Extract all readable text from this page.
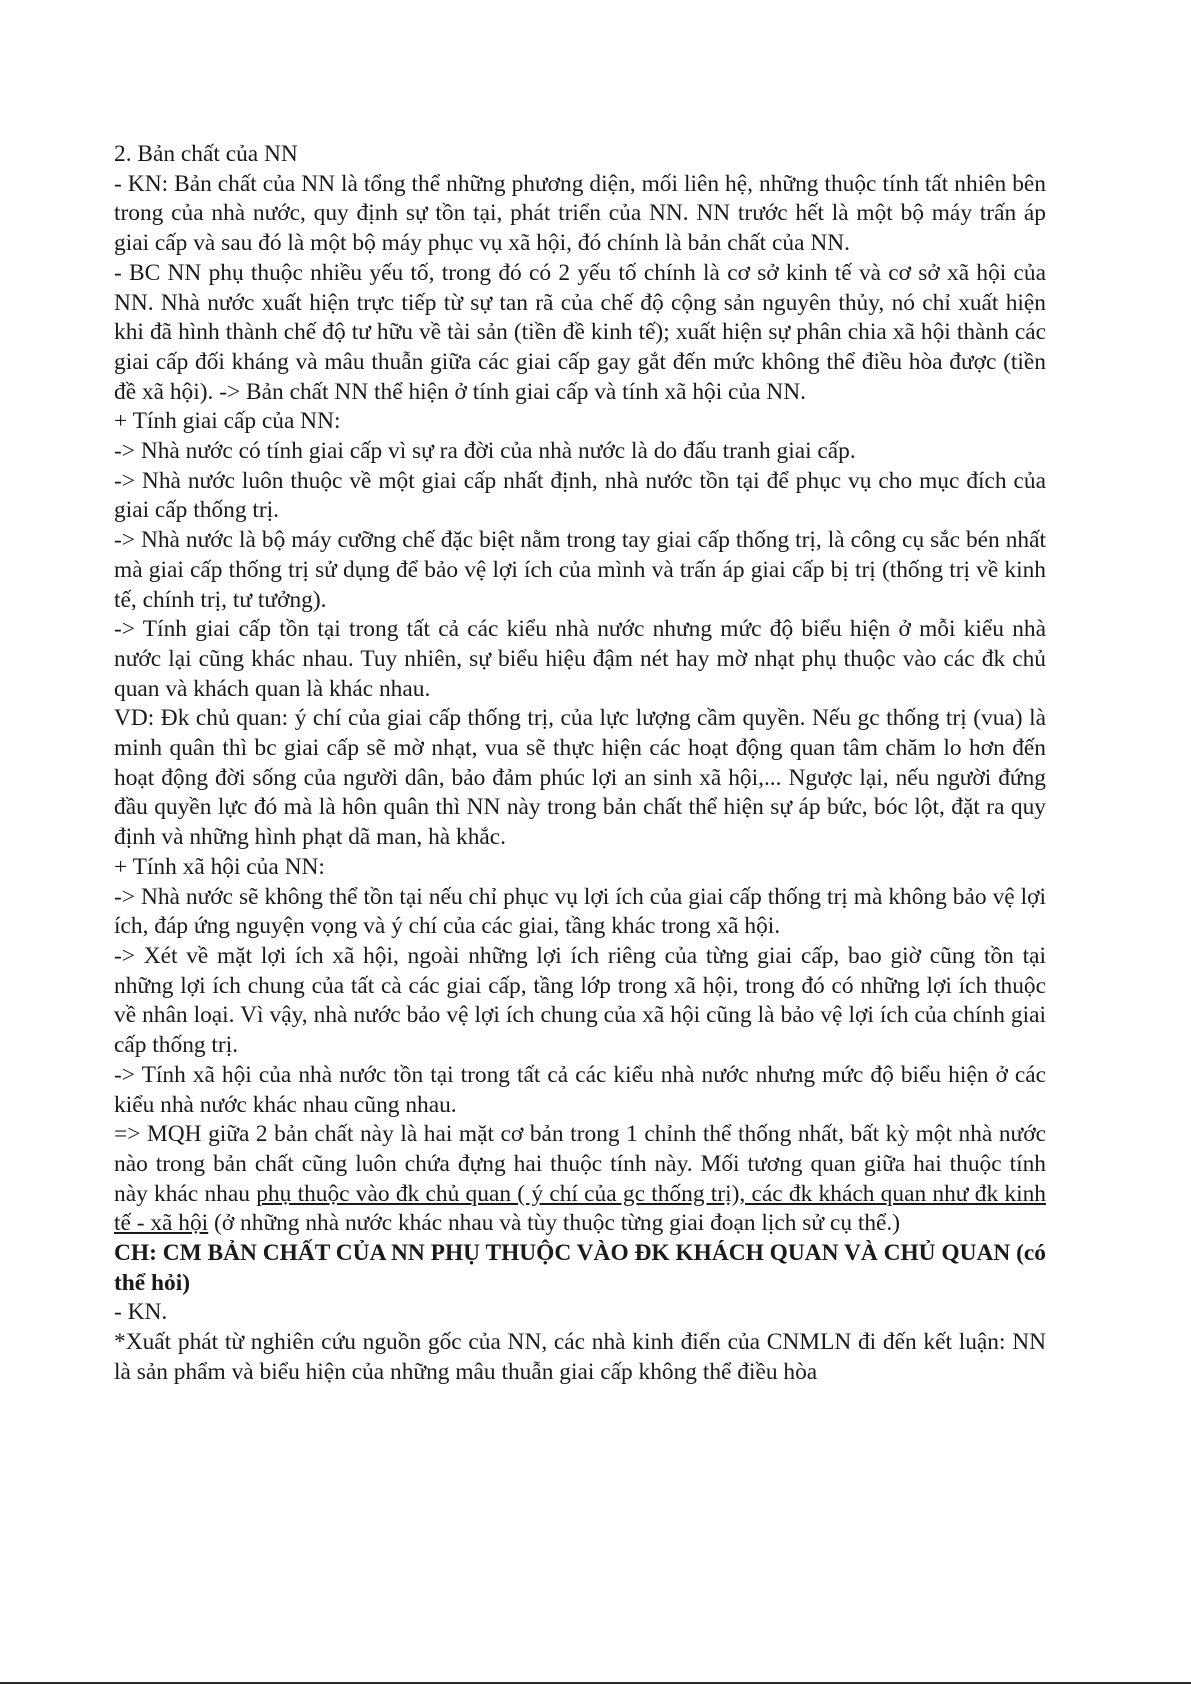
2. Bản chất của NN

- KN: Bản chất của NN là tổng thể những phương diện, mối liên hệ, những thuộc tính tất nhiên bên trong của nhà nước, quy định sự tồn tại, phát triển của NN. NN trước hết là một bộ máy trấn áp giai cấp và sau đó là một bộ máy phục vụ xã hội, đó chính là bản chất của NN.

- BC NN phụ thuộc nhiều yếu tố, trong đó có 2 yếu tố chính là cơ sở kinh tế và cơ sở xã hội của NN. Nhà nước xuất hiện trực tiếp từ sự tan rã của chế độ cộng sản nguyên thủy, nó chỉ xuất hiện khi đã hình thành chế độ tư hữu về tài sản (tiền đề kinh tế); xuất hiện sự phân chia xã hội thành các giai cấp đối kháng và mâu thuẫn giữa các giai cấp gay gắt đến mức không thể điều hòa được (tiền đề xã hội). -> Bản chất NN thể hiện ở tính giai cấp và tính xã hội của NN.

+ Tính giai cấp của NN:

-> Nhà nước có tính giai cấp vì sự ra đời của nhà nước là do đấu tranh giai cấp.

-> Nhà nước luôn thuộc về một giai cấp nhất định, nhà nước tồn tại để phục vụ cho mục đích của giai cấp thống trị.

-> Nhà nước là bộ máy cưỡng chế đặc biệt nằm trong tay giai cấp thống trị, là công cụ sắc bén nhất mà giai cấp thống trị sử dụng để bảo vệ lợi ích của mình và trấn áp giai cấp bị trị (thống trị về kinh tế, chính trị, tư tưởng).

-> Tính giai cấp tồn tại trong tất cả các kiểu nhà nước nhưng mức độ biểu hiện ở mỗi kiểu nhà nước lại cũng khác nhau. Tuy nhiên, sự biểu hiệu đậm nét hay mờ nhạt phụ thuộc vào các đk chủ quan và khách quan là khác nhau.

VD: Đk chủ quan: ý chí của giai cấp thống trị, của lực lượng cầm quyền. Nếu gc thống trị (vua) là minh quân thì bc giai cấp sẽ mờ nhạt, vua sẽ thực hiện các hoạt động quan tâm chăm lo hơn đến hoạt động đời sống của người dân, bảo đảm phúc lợi an sinh xã hội,... Ngược lại, nếu người đứng đầu quyền lực đó mà là hôn quân thì NN này trong bản chất thể hiện sự áp bức, bóc lột, đặt ra quy định và những hình phạt dã man, hà khắc.

+ Tính xã hội của NN:

-> Nhà nước sẽ không thể tồn tại nếu chỉ phục vụ lợi ích của giai cấp thống trị mà không bảo vệ lợi ích, đáp ứng nguyện vọng và ý chí của các giai, tầng khác trong xã hội.

-> Xét về mặt lợi ích xã hội, ngoài những lợi ích riêng của từng giai cấp, bao giờ cũng tồn tại những lợi ích chung của tất cà các giai cấp, tầng lớp trong xã hội, trong đó có những lợi ích thuộc về nhân loại. Vì vậy, nhà nước bảo vệ lợi ích chung của xã hội cũng là bảo vệ lợi ích của chính giai cấp thống trị.

-> Tính xã hội của nhà nước tồn tại trong tất cả các kiểu nhà nước nhưng mức độ biểu hiện ở các kiểu nhà nước khác nhau cũng nhau.

=> MQH giữa 2 bản chất này là hai mặt cơ bản trong 1 chỉnh thể thống nhất, bất kỳ một nhà nước nào trong bản chất cũng luôn chứa đựng hai thuộc tính này. Mối tương quan giữa hai thuộc tính này khác nhau phụ thuộc vào đk chủ quan ( ý chí của gc thống trị), các đk khách quan như đk kinh tế - xã hội (ở những nhà nước khác nhau và tùy thuộc từng giai đoạn lịch sử cụ thể.)

CH: CM BẢN CHẤT CỦA NN PHỤ THUỘC VÀO ĐK KHÁCH QUAN VÀ CHỦ QUAN (có thể hỏi)

- KN.

*Xuất phát từ nghiên cứu nguồn gốc của NN, các nhà kinh điển của CNMLN đi đến kết luận: NN là sản phẩm và biểu hiện của những mâu thuẫn giai cấp không thể điều hòa
